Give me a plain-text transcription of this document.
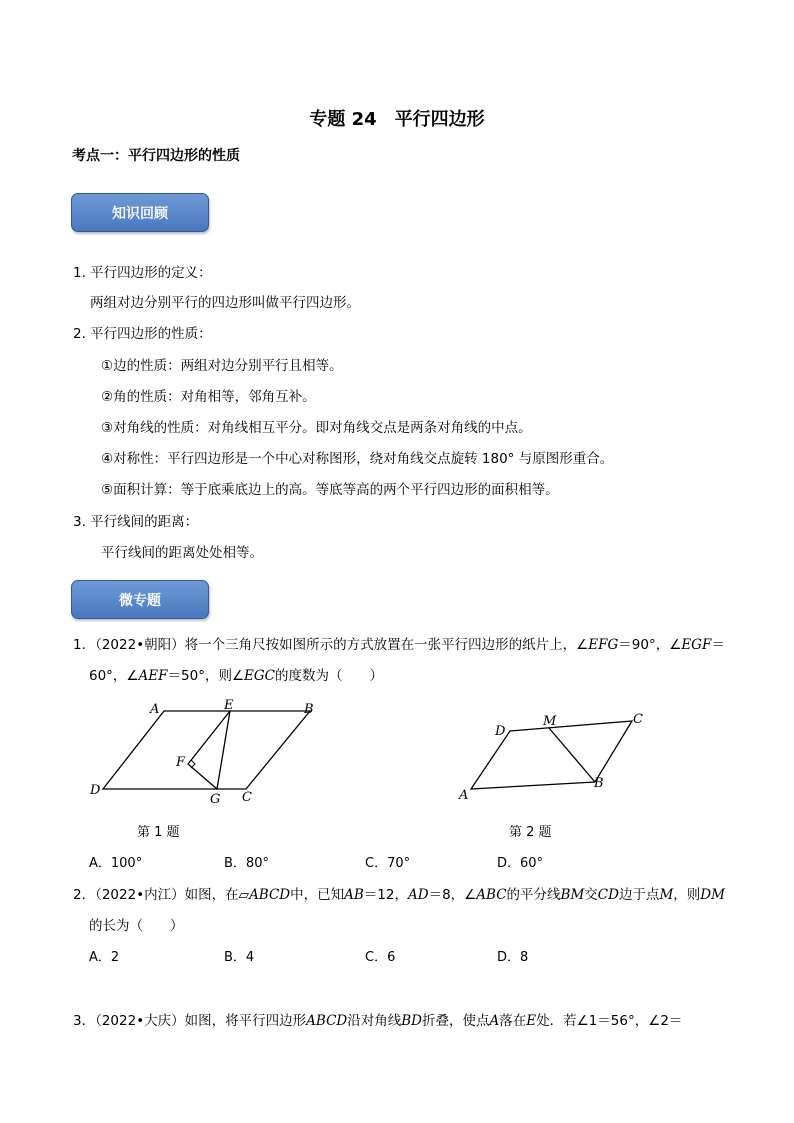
专题 24　平行四边形
考点一：平行四边形的性质
知识回顾
1. 平行四边形的定义：
两组对边分别平行的四边形叫做平行四边形。
2. 平行四边形的性质：
①边的性质：两组对边分别平行且相等。
②角的性质：对角相等，邻角互补。
③对角线的性质：对角线相互平分。即对角线交点是两条对角线的中点。
④对称性：平行四边形是一个中心对称图形，绕对角线交点旋转 180° 与原图形重合。
⑤面积计算：等于底乘底边上的高。等底等高的两个平行四边形的面积相等。
3. 平行线间的距离：
平行线间的距离处处相等。
微专题
1．（2022•朝阳）将一个三角尺按如图所示的方式放置在一张平行四边形的纸片上，∠EFG＝90°，∠EGF＝
60°，∠AEF＝50°，则∠EGC的度数为（　　）
A	E	B
F
D
G C
D
M	C
A
B
第 1 题	第 2 题
A．100°	B．80°	C．70°	D．60°
2．（2022•内江）如图，在▱ABCD中，已知AB＝12，AD＝8，∠ABC的平分线BM交CD边于点M，则DM
的长为（　　）
A．2	B．4	C．6	D．8
3．（2022•大庆）如图，将平行四边形ABCD沿对角线BD折叠，使点A落在E处．若∠1＝56°，∠2＝
